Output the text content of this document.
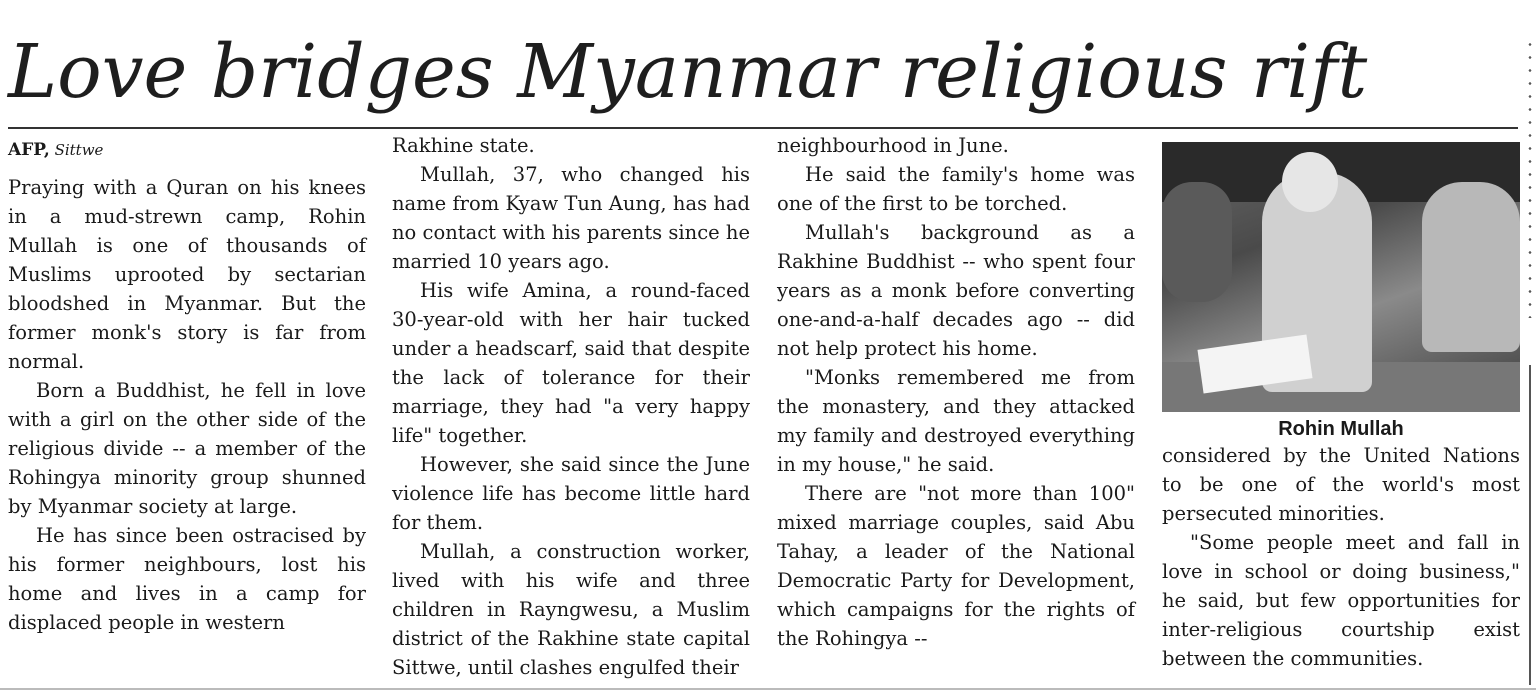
Love bridges Myanmar religious rift
AFP, Sittwe

Praying with a Quran on his knees in a mud-strewn camp, Rohin Mullah is one of thousands of Muslims uprooted by sectarian bloodshed in Myanmar. But the former monk's story is far from normal.

Born a Buddhist, he fell in love with a girl on the other side of the religious divide -- a member of the Rohingya minority group shunned by Myanmar society at large.

He has since been ostracised by his former neighbours, lost his home and lives in a camp for displaced people in western

Rakhine state.

Mullah, 37, who changed his name from Kyaw Tun Aung, has had no contact with his parents since he married 10 years ago.

His wife Amina, a round-faced 30-year-old with her hair tucked under a headscarf, said that despite the lack of tolerance for their marriage, they had "a very happy life" together.

However, she said since the June violence life has become little hard for them.

Mullah, a construction worker, lived with his wife and three children in Rayngwesu, a Muslim district of the Rakhine state capital Sittwe, until clashes engulfed their

neighbourhood in June.

He said the family's home was one of the first to be torched.

Mullah's background as a Rakhine Buddhist -- who spent four years as a monk before converting one-and-a-half decades ago -- did not help protect his home.

"Monks remembered me from the monastery, and they attacked my family and destroyed everything in my house," he said.

There are "not more than 100" mixed marriage couples, said Abu Tahay, a leader of the National Democratic Party for Development, which campaigns for the rights of the Rohingya --

Rohin Mullah

considered by the United Nations to be one of the world's most persecuted minorities.

"Some people meet and fall in love in school or doing business," he said, but few opportunities for inter-religious courtship exist between the communities.
